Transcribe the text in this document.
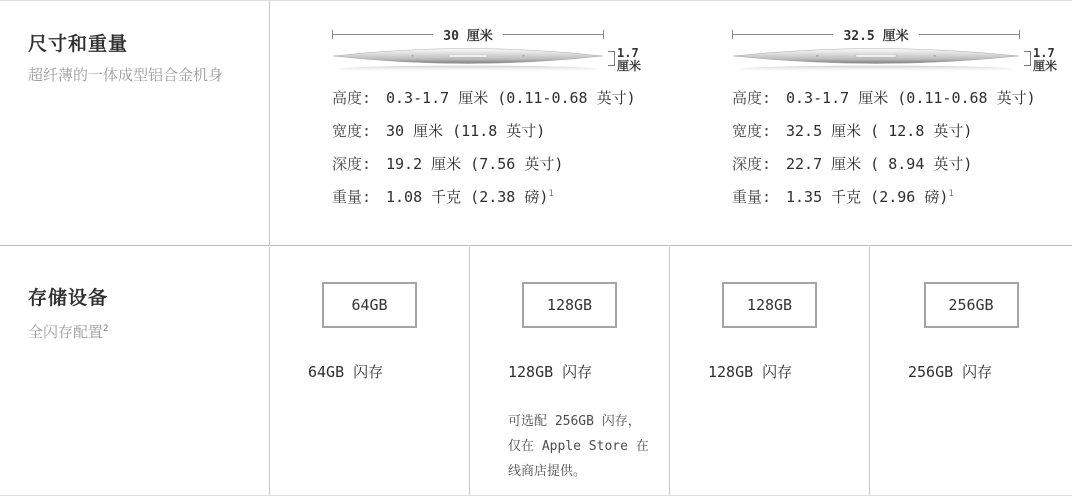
尺寸和重量

超纤薄的一体成型铝合金机身

30 厘米
1.7
厘米
高度: 0.3-1.7 厘米 (0.11-0.68 英寸)
宽度: 30 厘米 (11.8 英寸)
深度: 19.2 厘米 (7.56 英寸)
重量: 1.08 千克 (2.38 磅)$^1$
32.5 厘米
1.7
厘米
高度: 0.3-1.7 厘米 (0.11-0.68 英寸)
宽度: 32.5 厘米 ( 12.8 英寸)
深度: 22.7 厘米 ( 8.94 英寸)
重量: 1.35 千克 (2.96 磅)$^1$
存储设备

全闪存配置$^2$

64GB

64GB 闪存

128GB

128GB 闪存

可选配 256GB 闪存，
仅在 Apple Store 在
线商店提供。
128GB

128GB 闪存

256GB

256GB 闪存
